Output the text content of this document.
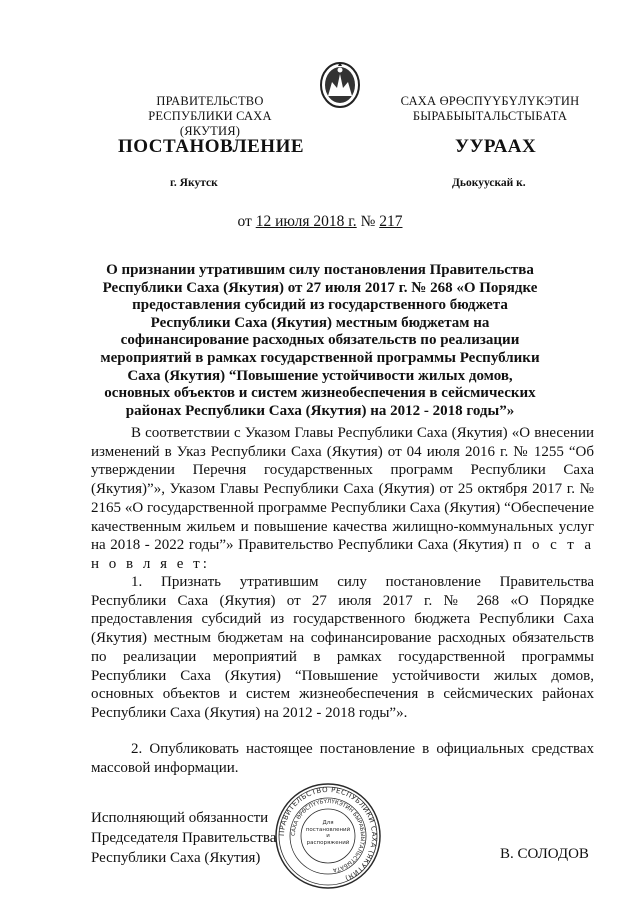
ПРАВИТЕЛЬСТВО
РЕСПУБЛИКИ САХА (ЯКУТИЯ)
САХА ӨРӨСПҮҮБҮЛҮКЭТИН
БЫРАБЫЫТАЛЬСТЫБАТА
ПОСТАНОВЛЕНИЕ	УУРААХ
г. Якутск	Дьокуускай к.
от 12 июля 2018 г. № 217
О признании утратившим силу постановления Правительства Республики Саха (Якутия) от 27 июля 2017 г. № 268 «О Порядке предоставления субсидий из государственного бюджета Республики Саха (Якутия) местным бюджетам на софинансирование расходных обязательств по реализации мероприятий в рамках государственной программы Республики Саха (Якутия) “Повышение устойчивости жилых домов, основных объектов и систем жизнеобеспечения в сейсмических районах Республики Саха (Якутия) на 2012 - 2018 годы”»
В соответствии с Указом Главы Республики Саха (Якутия) «О внесении изменений в Указ Республики Саха (Якутия) от 04 июля 2016 г. № 1255 “Об утверждении Перечня государственных программ Республики Саха (Якутия)”», Указом Главы Республики Саха (Якутия) от 25 октября 2017 г. № 2165 «О государственной программе Республики Саха (Якутия) “Обеспечение качественным жильем и повышение качества жилищно-коммунальных услуг на 2018 - 2022 годы”» Правительство Республики Саха (Якутия) п о с т а н о в л я е т:
1. Признать утратившим силу постановление Правительства Республики Саха (Якутия) от 27 июля 2017 г. № 268 «О Порядке предоставления субсидий из государственного бюджета Республики Саха (Якутия) местным бюджетам на софинансирование расходных обязательств по реализации мероприятий в рамках государственной программы Республики Саха (Якутия) “Повышение устойчивости жилых домов, основных объектов и систем жизнеобеспечения в сейсмических районах Республики Саха (Якутия) на 2012 - 2018 годы”».
2. Опубликовать настоящее постановление в официальных средствах массовой информации.
Исполняющий обязанности
Председателя Правительства
Республики Саха (Якутия)
ПРАВИТЕЛЬСТВО РЕСПУБЛИКИ САХА (ЯКУТИЯ)
САХА ӨРӨСПҮҮБҮЛҮКЭТИН БЫРАБЫЫТАЛЬСТЫБАТА
Для постановлений и распоряжений
В. СОЛОДОВ
